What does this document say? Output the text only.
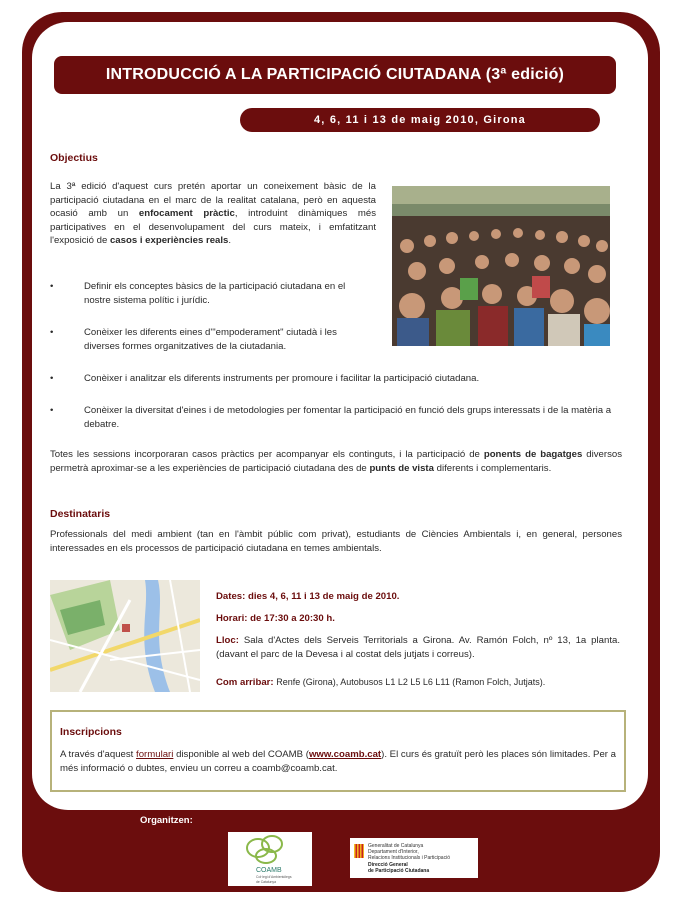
INTRODUCCIÓ A LA PARTICIPACIÓ CIUTADANA (3ª edició)
4, 6, 11 i 13 de maig 2010, Girona
Objectius
La 3ª edició d'aquest curs pretén aportar un coneixement bàsic de la participació ciutadana en el marc de la realitat catalana, però en aquesta ocasió amb un enfocament pràctic, introduint dinàmiques més participatives en el desenvolupament del curs mateix, i emfatitzant l'exposició de casos i experiències reals.
•	Definir els conceptes bàsics de la participació ciutadana en el nostre sistema polític i jurídic.
•	Conèixer les diferents eines d'"empoderament" ciutadà i les diverses formes organitzatives de la ciutadania.
•	Conèixer i analitzar els diferents instruments per promoure i facilitar la participació ciutadana.
•	Conèixer la diversitat d'eines i de metodologies per fomentar la participació en funció dels grups interessats i de la matèria a debatre.
Totes les sessions incorporaran casos pràctics per acompanyar els continguts, i la participació de ponents de bagatges diversos permetrà aproximar-se a les experiències de participació ciutadana des de punts de vista diferents i complementaris.
Destinataris
Professionals del medi ambient (tan en l'àmbit públic com privat), estudiants de Ciències Ambientals i, en general, persones interessades en els processos de participació ciutadana en temes ambientals.
Dates: dies 4, 6, 11 i 13 de maig de 2010.
Horari: de 17:30 a 20:30 h.
Lloc: Sala d'Actes dels Serveis Territorials a Girona. Av. Ramón Folch, nº 13, 1a planta. (davant el parc de la Devesa i al costat dels jutjats i correus).
Com arribar: Renfe (Girona), Autobusos L1 L2 L5 L6 L11 (Ramon Folch, Jutjats).
Inscripcions
A través d'aquest formulari disponible al web del COAMB (www.coamb.cat). El curs és gratuït però les places són limitades. Per a més informació o dubtes, envieu un correu a coamb@coamb.cat.
Organitzen:
COAMB
Col·legi d'Ambientòlegs
de Catalunya
Generalitat de Catalunya
Departament d'Interior,
Relacions Institucionals i Participació
Direcció General
de Participació Ciutadana
